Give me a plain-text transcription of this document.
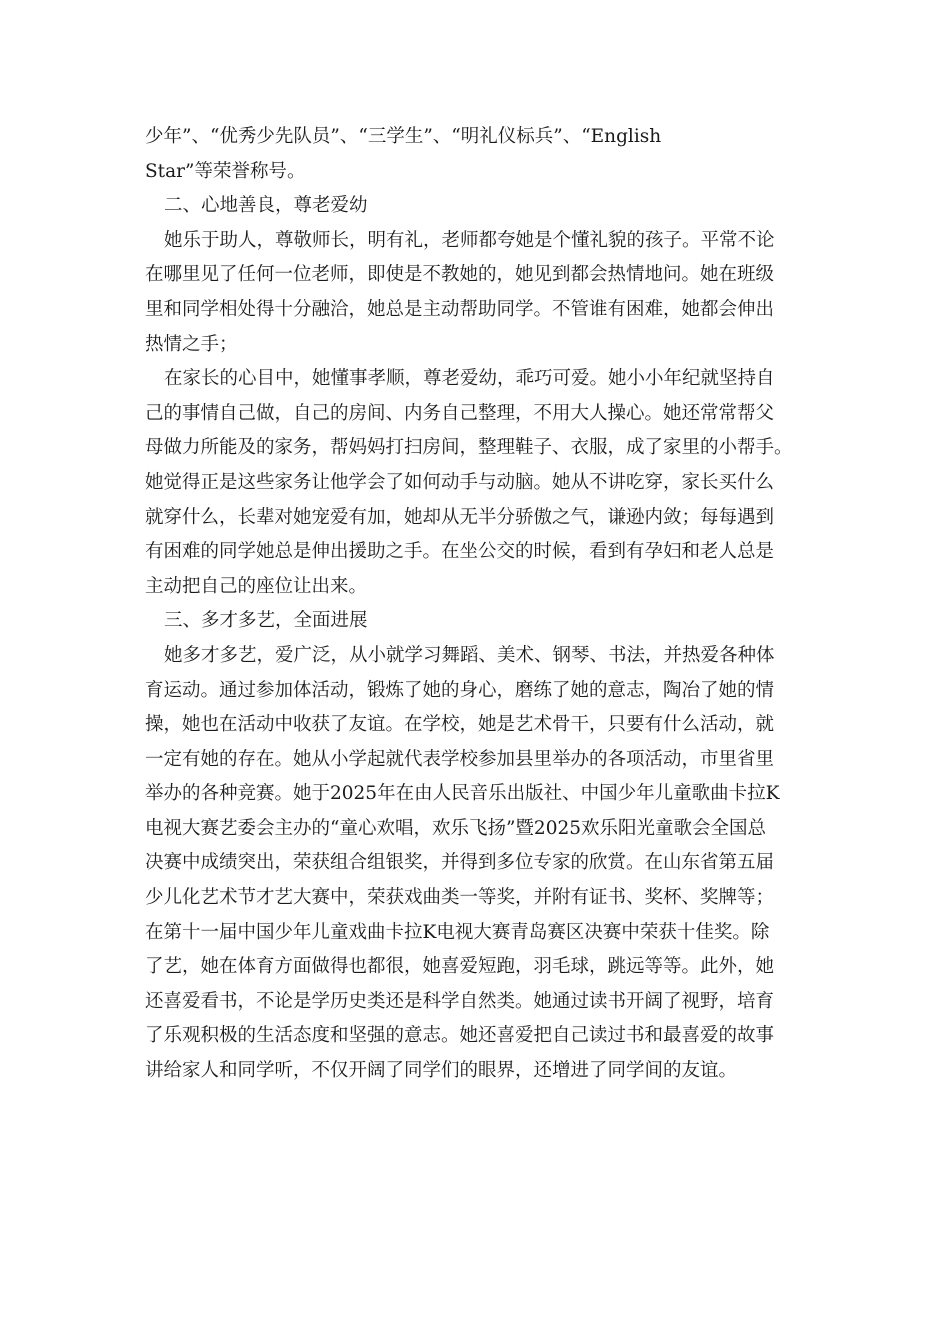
少年”、“优秀少先队员”、“三学生”、“明礼仪标兵”、“English
Star”等荣誉称号。
二、心地善良，尊老爱幼
她乐于助人，尊敬师长，明有礼，老师都夸她是个懂礼貌的孩子。平常不论
在哪里见了任何一位老师，即使是不教她的，她见到都会热情地问。她在班级
里和同学相处得十分融洽，她总是主动帮助同学。不管谁有困难，她都会伸出
热情之手；
在家长的心目中，她懂事孝顺，尊老爱幼，乖巧可爱。她小小年纪就坚持自
己的事情自己做，自己的房间、内务自己整理，不用大人操心。她还常常帮父
母做力所能及的家务，帮妈妈打扫房间，整理鞋子、衣服，成了家里的小帮手。
她觉得正是这些家务让他学会了如何动手与动脑。她从不讲吃穿，家长买什么
就穿什么，长辈对她宠爱有加，她却从无半分骄傲之气，谦逊内敛；每每遇到
有困难的同学她总是伸出援助之手。在坐公交的时候，看到有孕妇和老人总是
主动把自己的座位让出来。
三、多才多艺，全面进展
她多才多艺，爱广泛，从小就学习舞蹈、美术、钢琴、书法，并热爱各种体
育运动。通过参加体活动，锻炼了她的身心，磨练了她的意志，陶冶了她的情
操，她也在活动中收获了友谊。在学校，她是艺术骨干，只要有什么活动，就
一定有她的存在。她从小学起就代表学校参加县里举办的各项活动，市里省里
举办的各种竞赛。她于2025年在由人民音乐出版社、中国少年儿童歌曲卡拉K
电视大赛艺委会主办的“童心欢唱，欢乐飞扬”暨2025欢乐阳光童歌会全国总
决赛中成绩突出，荣获组合组银奖，并得到多位专家的欣赏。在山东省第五届
少儿化艺术节才艺大赛中，荣获戏曲类一等奖，并附有证书、奖杯、奖牌等；
在第十一届中国少年儿童戏曲卡拉K电视大赛青岛赛区决赛中荣获十佳奖。除
了艺，她在体育方面做得也都很，她喜爱短跑，羽毛球，跳远等等。此外，她
还喜爱看书，不论是学历史类还是科学自然类。她通过读书开阔了视野，培育
了乐观积极的生活态度和坚强的意志。她还喜爱把自己读过书和最喜爱的故事
讲给家人和同学听，不仅开阔了同学们的眼界，还增进了同学间的友谊。
